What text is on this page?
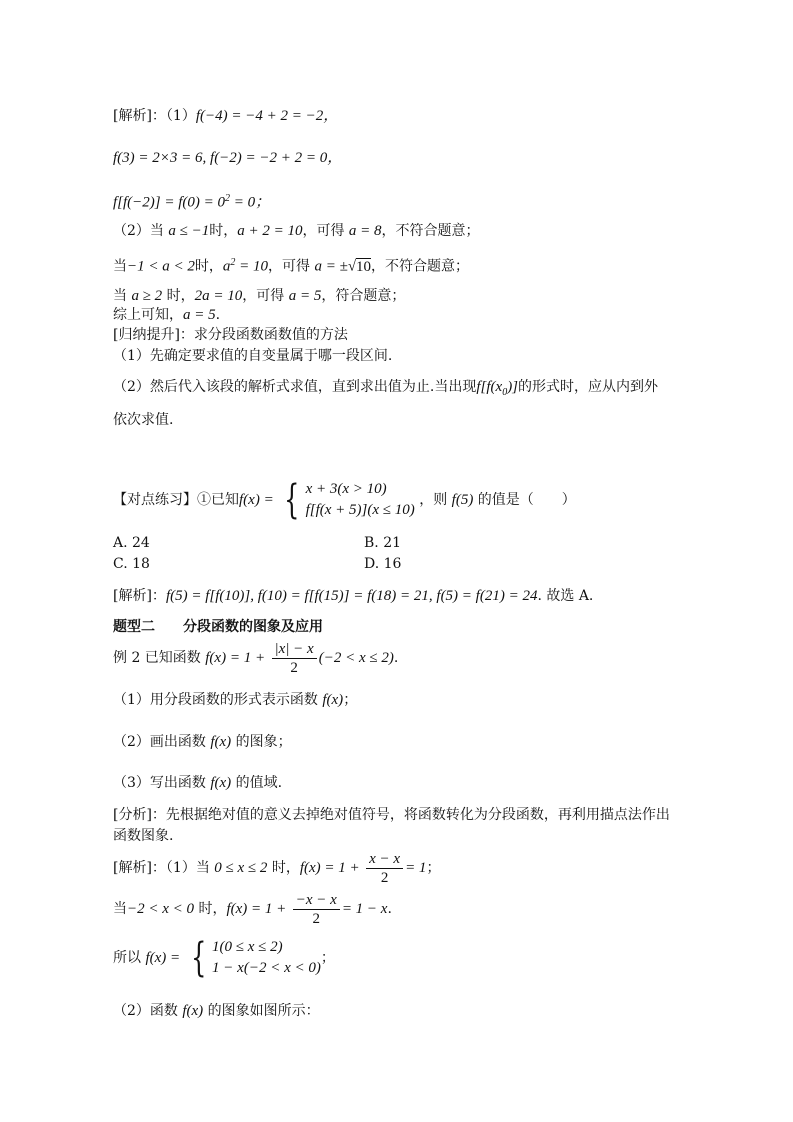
[解析]：（1）f(−4) = −4 + 2 = −2，
f(3) = 2×3 = 6, f(−2) = −2 + 2 = 0，
$f[f(-2)] = f(0) = 0^2 = 0$；
（2）当 a ≤ −1时，a + 2 = 10，可得 a = 8，不符合题意；
当−1 < a < 2时，$a^2 = 10$，可得 a = ±√10，不符合题意；
当 a ≥ 2 时，2a = 10，可得 a = 5，符合题意；
综上可知，a = 5.
[归纳提升]：求分段函数函数值的方法
（1）先确定要求值的自变量属于哪一段区间.
（2）然后代入该段的解析式求值，直到求出值为止.当出现$f[f(x_0)]$的形式时，应从内到外
依次求值.
【对点练习】①已知f(x) = { x + 3(x > 10)
f[f(x + 5)](x ≤ 10)
，则 f(5) 的值是（　　）
A. 24	B. 21
C. 18	D. 16
[解析]：f(5) = f[f(10)], f(10) = f[f(15)] = f(18) = 21, f(5) = f(21) = 24. 故选 A.
题型二　　分段函数的图象及应用
例 2 已知函数 $f(x) = 1 + \frac{|x| - x}{2} (-2 < x \le 2)$.
（1）用分段函数的形式表示函数 f(x)；
（2）画出函数 f(x) 的图象；
（3）写出函数 f(x) 的值域.
[分析]：先根据绝对值的意义去掉绝对值符号，将函数转化为分段函数，再利用描点法作出
函数图象.
[解析]：（1）当 0 ≤ x ≤ 2 时，$f(x) = 1 + \frac{x - x}{2} = 1$；
当−2 < x < 0 时，$f(x) = 1 + \frac{-x - x}{2} = 1 - x$.
所以 f(x) = { 1(0 ≤ x ≤ 2)
1 − x(−2 < x < 0)
；
（2）函数 f(x) 的图象如图所示：
